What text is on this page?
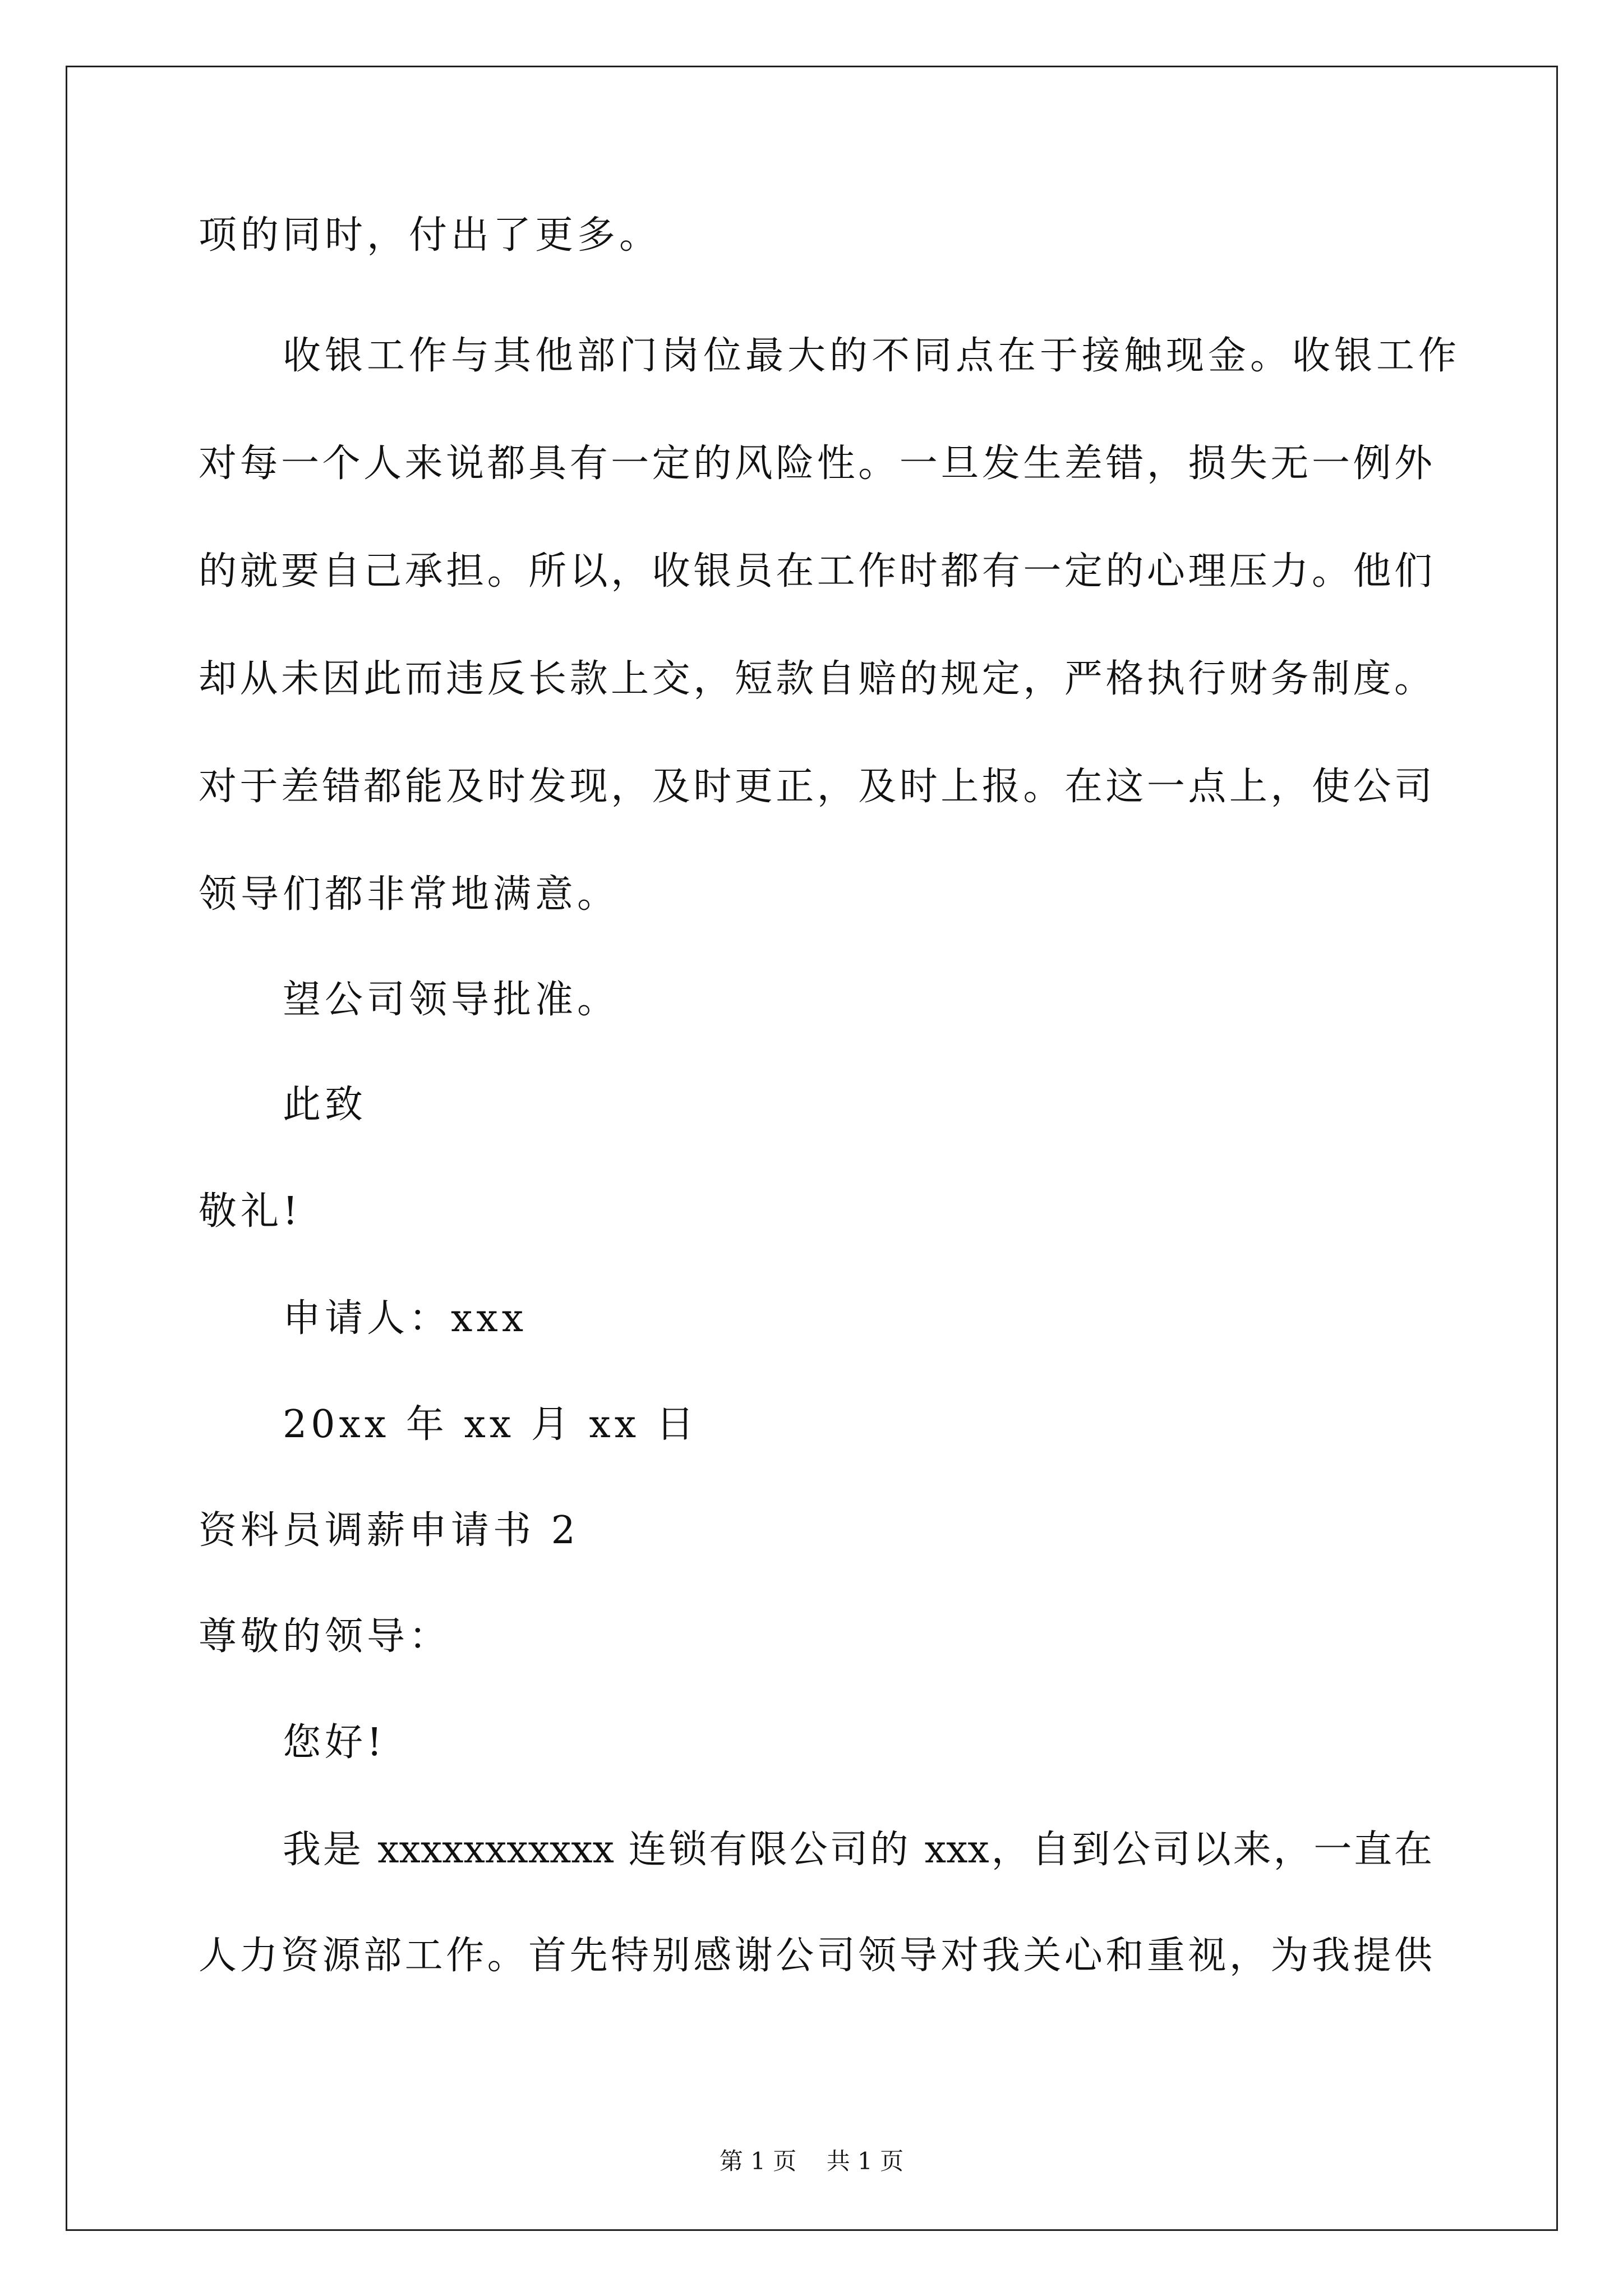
项的同时，付出了更多。
收银工作与其他部门岗位最大的不同点在于接触现金。收银工作
对每一个人来说都具有一定的风险性。一旦发生差错，损失无一例外
的就要自己承担。所以，收银员在工作时都有一定的心理压力。他们
却从未因此而违反长款上交，短款自赔的规定，严格执行财务制度。
对于差错都能及时发现，及时更正，及时上报。在这一点上，使公司
领导们都非常地满意。
望公司领导批准。
此致
敬礼!
申请人：xxx
20xx 年 xx 月 xx 日
资料员调薪申请书 2
尊敬的领导：
您好!
我是 xxxxxxxxxxx 连锁有限公司的 xxx，自到公司以来，一直在
人力资源部工作。首先特别感谢公司领导对我关心和重视，为我提供
第 1 页    共 1 页
